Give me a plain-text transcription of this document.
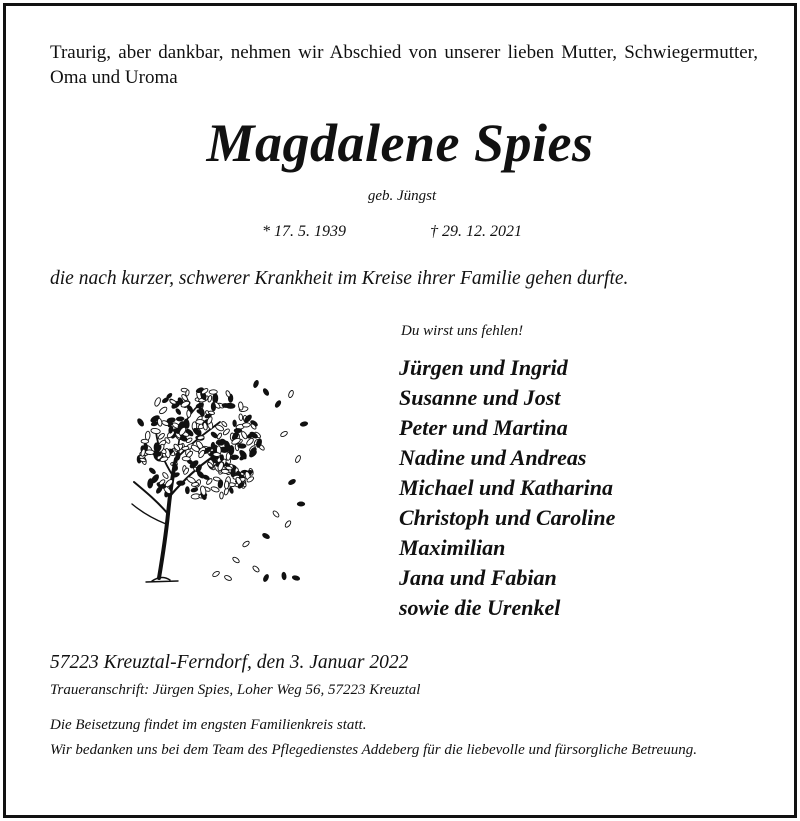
Traurig, aber dankbar, nehmen wir Abschied von unserer lieben Mutter, Schwiegermutter, Oma und Uroma
Magdalene Spies
geb. Jüngst
* 17. 5. 1939	† 29. 12. 2021
die nach kurzer, schwerer Krankheit im Kreise ihrer Familie gehen durfte.
Du wirst uns fehlen!
Jürgen und Ingrid
Susanne und Jost
Peter und Martina
Nadine und Andreas
Michael und Katharina
Christoph und Caroline
Maximilian
Jana und Fabian
sowie die Urenkel
57223 Kreuztal-Ferndorf, den 3. Januar 2022
Traueranschrift: Jürgen Spies, Loher Weg 56, 57223 Kreuztal
Die Beisetzung findet im engsten Familienkreis statt.
Wir bedanken uns bei dem Team des Pflegedienstes Addeberg für die liebevolle und fürsorgliche Betreuung.
